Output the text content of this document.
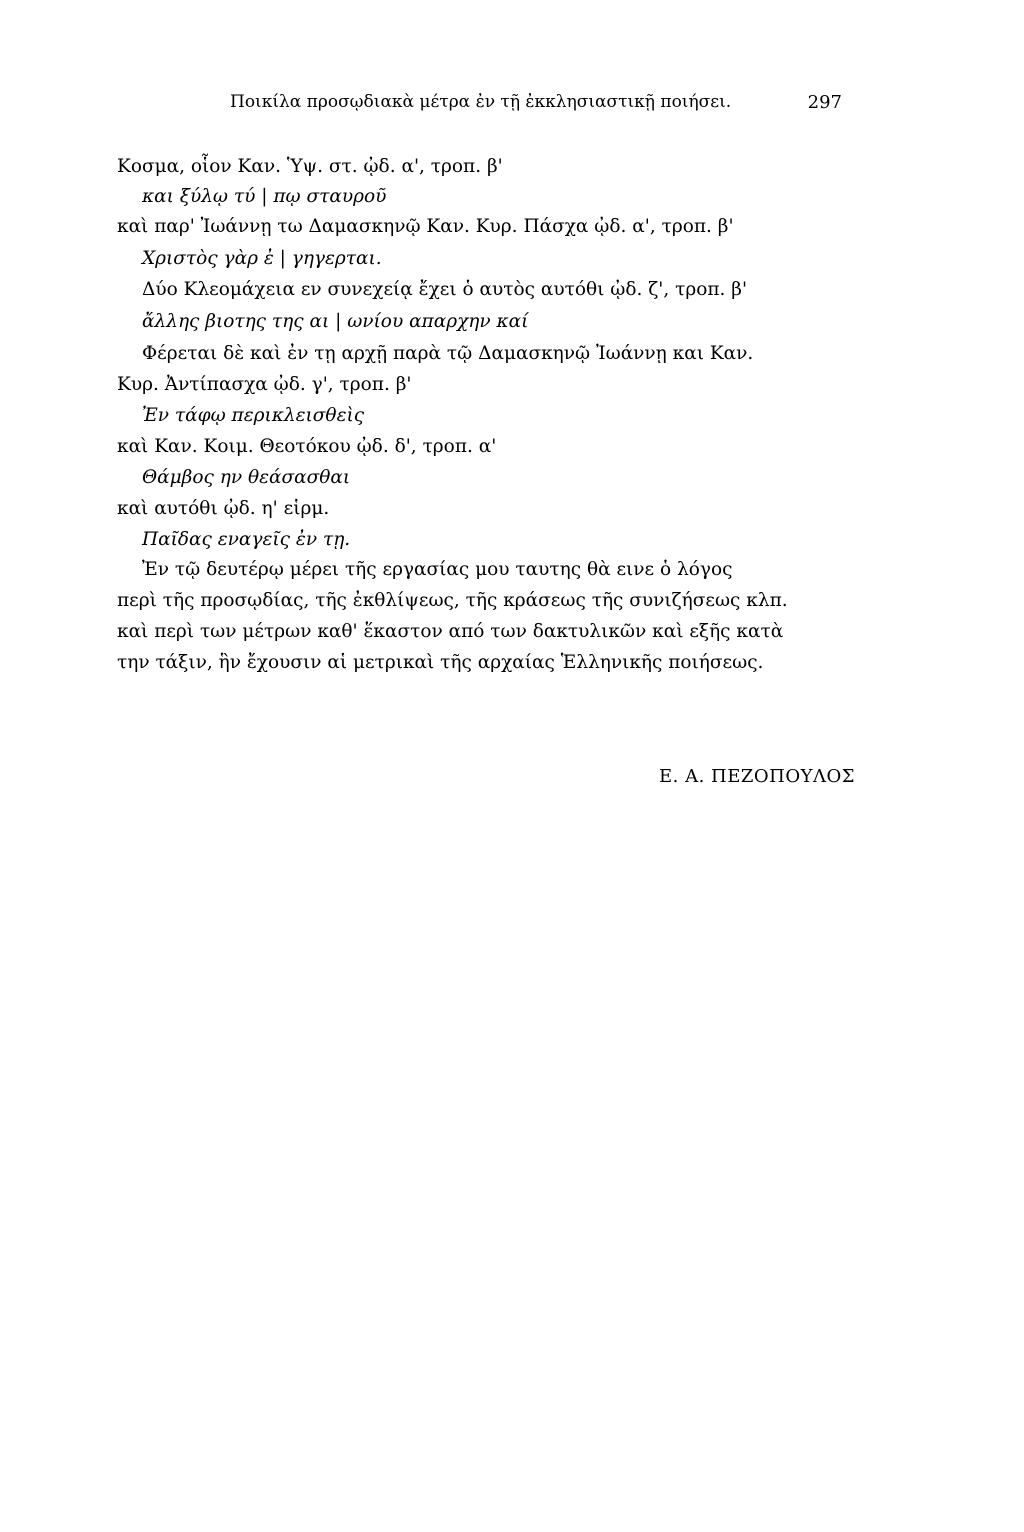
Ποικίλα προσῳδιακὰ μέτρα ἐν τῇ ἐκκλησιαστικῇ ποιήσει.	297
Κοσμα, οἷον Καν. Ὑψ. στ. ᾠδ. α', τροπ. β'
και ξύλῳ τύ | πῳ σταυροῦ
καὶ παρ' Ἰωάννῃ τω Δαμασκηνῷ Καν. Κυρ. Πάσχα ᾠδ. α', τροπ. β'
Χριστὸς γὰρ ἐ | γηγερται.
Δύο Κλεομάχεια εν συνεχείᾳ ἔχει ὁ αυτὸς αυτόθι ᾠδ. ζ', τροπ. β'
ἄλλης βιοτης της αι | ωνίου απαρχην καί
Φέρεται δὲ καὶ ἐν τῃ αρχῇ παρὰ τῷ Δαμασκηνῷ Ἰωάννῃ και Καν.
Κυρ. Ἀντίπασχα ᾠδ. γ', τροπ. β'
Ἐν τάφῳ περικλεισθεὶς
καὶ Καν. Κοιμ. Θεοτόκου ᾠδ. δ', τροπ. α'
Θάμβος ην θεάσασθαι
καὶ αυτόθι ᾠδ. η' εἱρμ.
Παῖδας εναγεῖς ἐν τῃ.
Ἐν τῷ δευτέρῳ μέρει τῆς εργασίας μου ταυτης θὰ εινε ὁ λόγος
περὶ τῆς προσῳδίας, τῆς ἐκθλίψεως, τῆς κράσεως τῆς συνιζήσεως κλπ.
καὶ περὶ των μέτρων καθ' ἕκαστον από των δακτυλικῶν καὶ εξῆς κατὰ
την τάξιν, ἣν ἔχουσιν αἱ μετρικαὶ τῆς αρχαίας Ἑλληνικῆς ποιήσεως.
Ε. Α. ΠΕΖΟΠΟΥΛΟΣ
